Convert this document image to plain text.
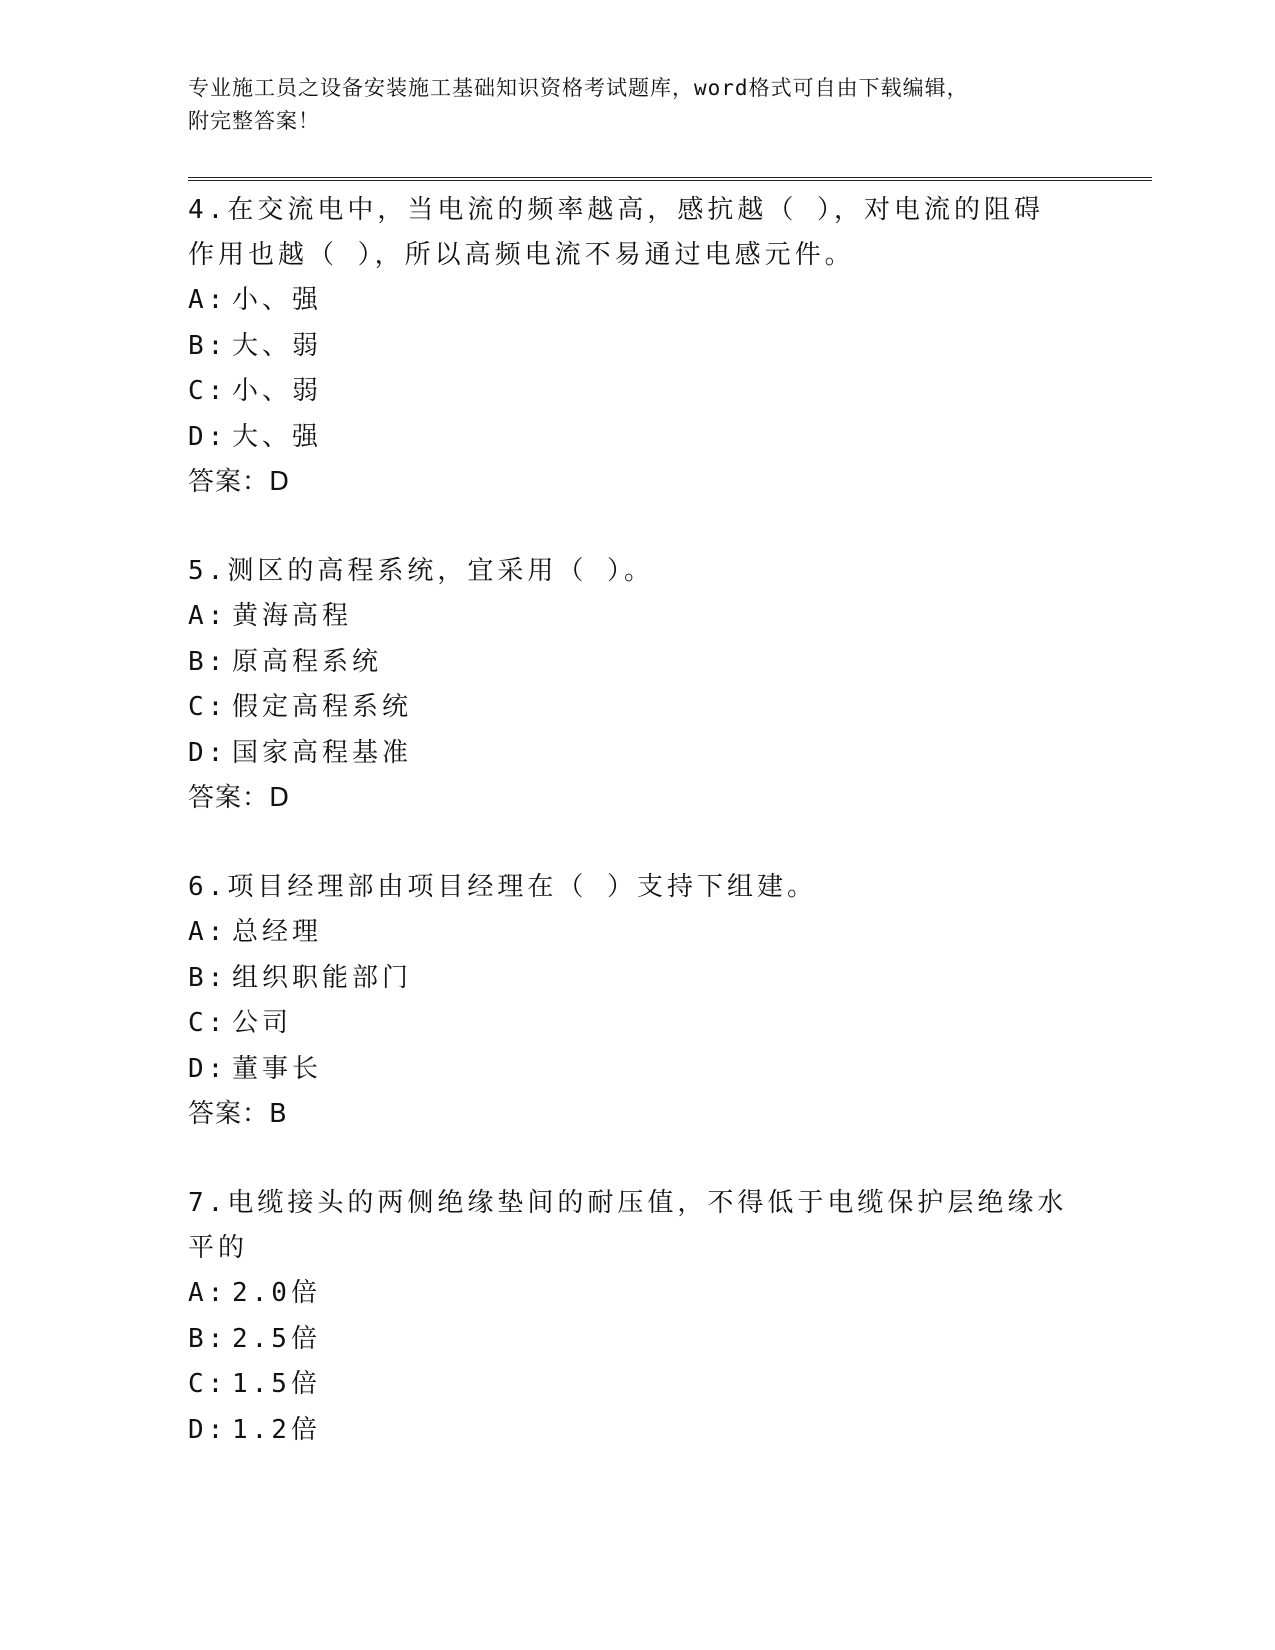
专业施工员之设备安装施工基础知识资格考试题库，word格式可自由下载编辑，
附完整答案！
4.在交流电中，当电流的频率越高，感抗越（ ），对电流的阻碍作用也越（ ），所以高频电流不易通过电感元件。
A: 小、强
B: 大、弱
C: 小、弱
D: 大、强
答案：D
5.测区的高程系统，宜采用（ ）。
A: 黄海高程
B: 原高程系统
C: 假定高程系统
D: 国家高程基准
答案：D
6.项目经理部由项目经理在（ ）支持下组建。
A: 总经理
B: 组织职能部门
C: 公司
D: 董事长
答案：B
7.电缆接头的两侧绝缘垫间的耐压值，不得低于电缆保护层绝缘水平的
A: 2.0倍
B: 2.5倍
C: 1.5倍
D: 1.2倍
